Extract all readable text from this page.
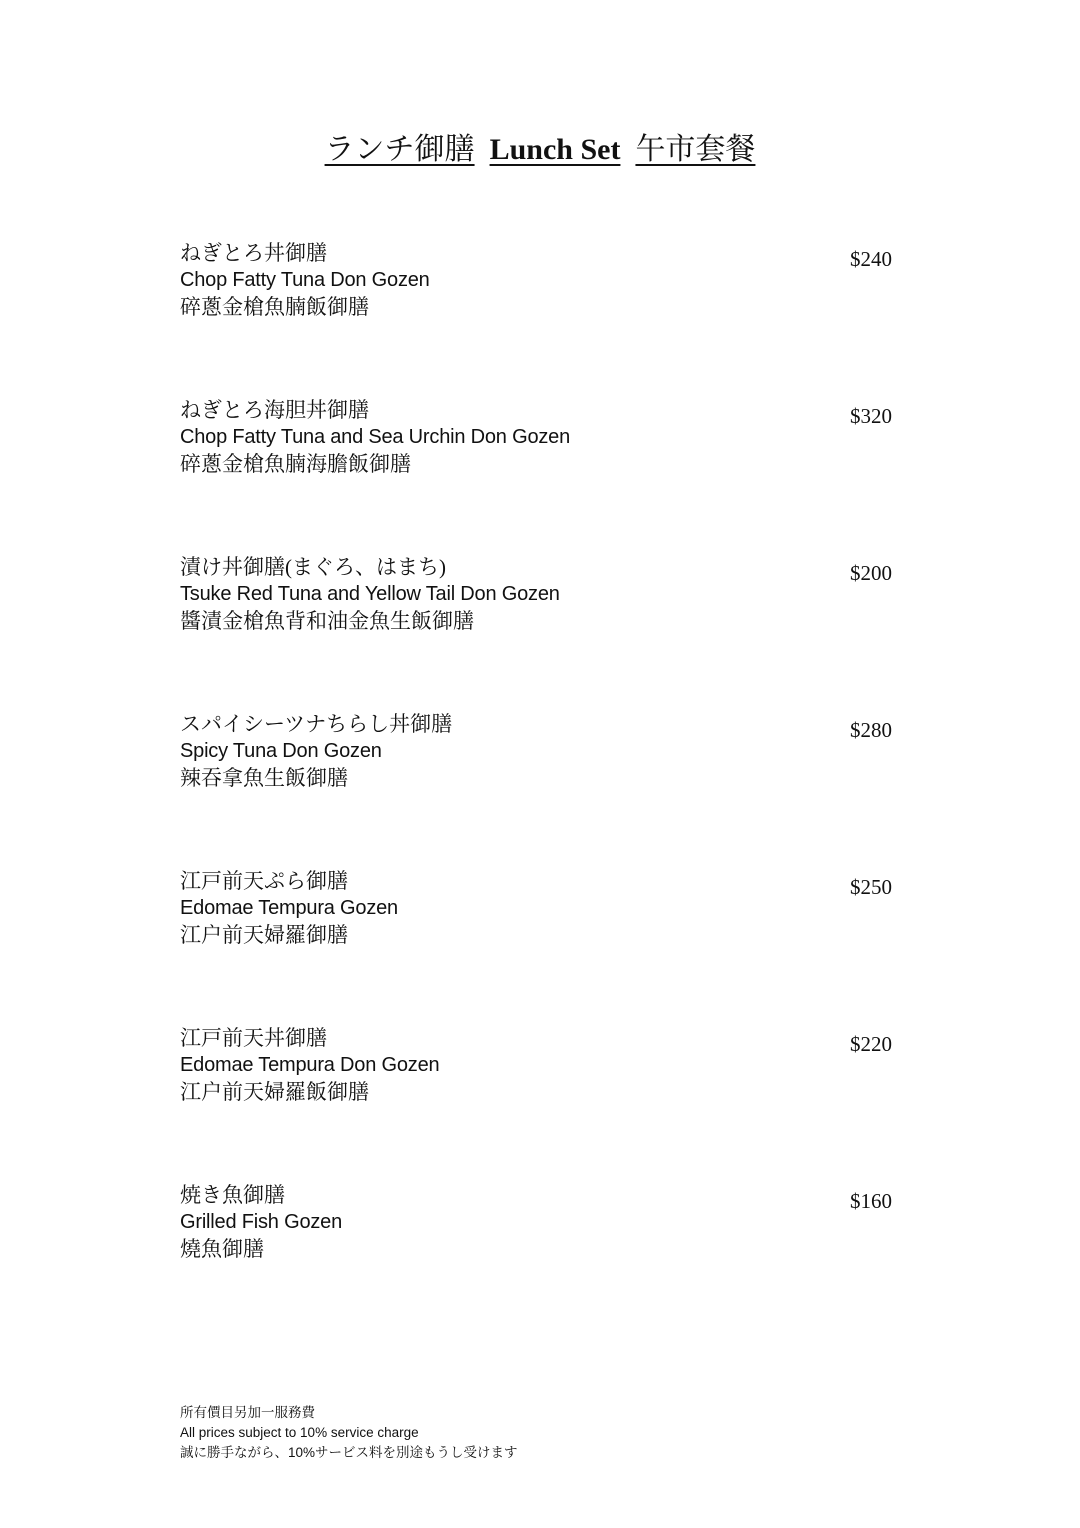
ランチ御膳 Lunch Set 午市套餐
ねぎとろ丼御膳
Chop Fatty Tuna Don Gozen
碎蔥金槍魚腩飯御膳
$240
ねぎとろ海胆丼御膳
Chop Fatty Tuna and Sea Urchin Don Gozen
碎蔥金槍魚腩海膽飯御膳
$320
漬け丼御膳(まぐろ、はまち)
Tsuke Red Tuna and Yellow Tail Don Gozen
醬漬金槍魚背和油金魚生飯御膳
$200
スパイシーツナちらし丼御膳
Spicy Tuna Don Gozen
辣吞拿魚生飯御膳
$280
江戸前天ぷら御膳
Edomae Tempura Gozen
江户前天婦羅御膳
$250
江戸前天丼御膳
Edomae Tempura Don Gozen
江户前天婦羅飯御膳
$220
焼き魚御膳
Grilled Fish Gozen
燒魚御膳
$160
所有價目另加一服務費
All prices subject to 10% service charge
誠に勝手ながら、10%サービス料を別途もうし受けます
